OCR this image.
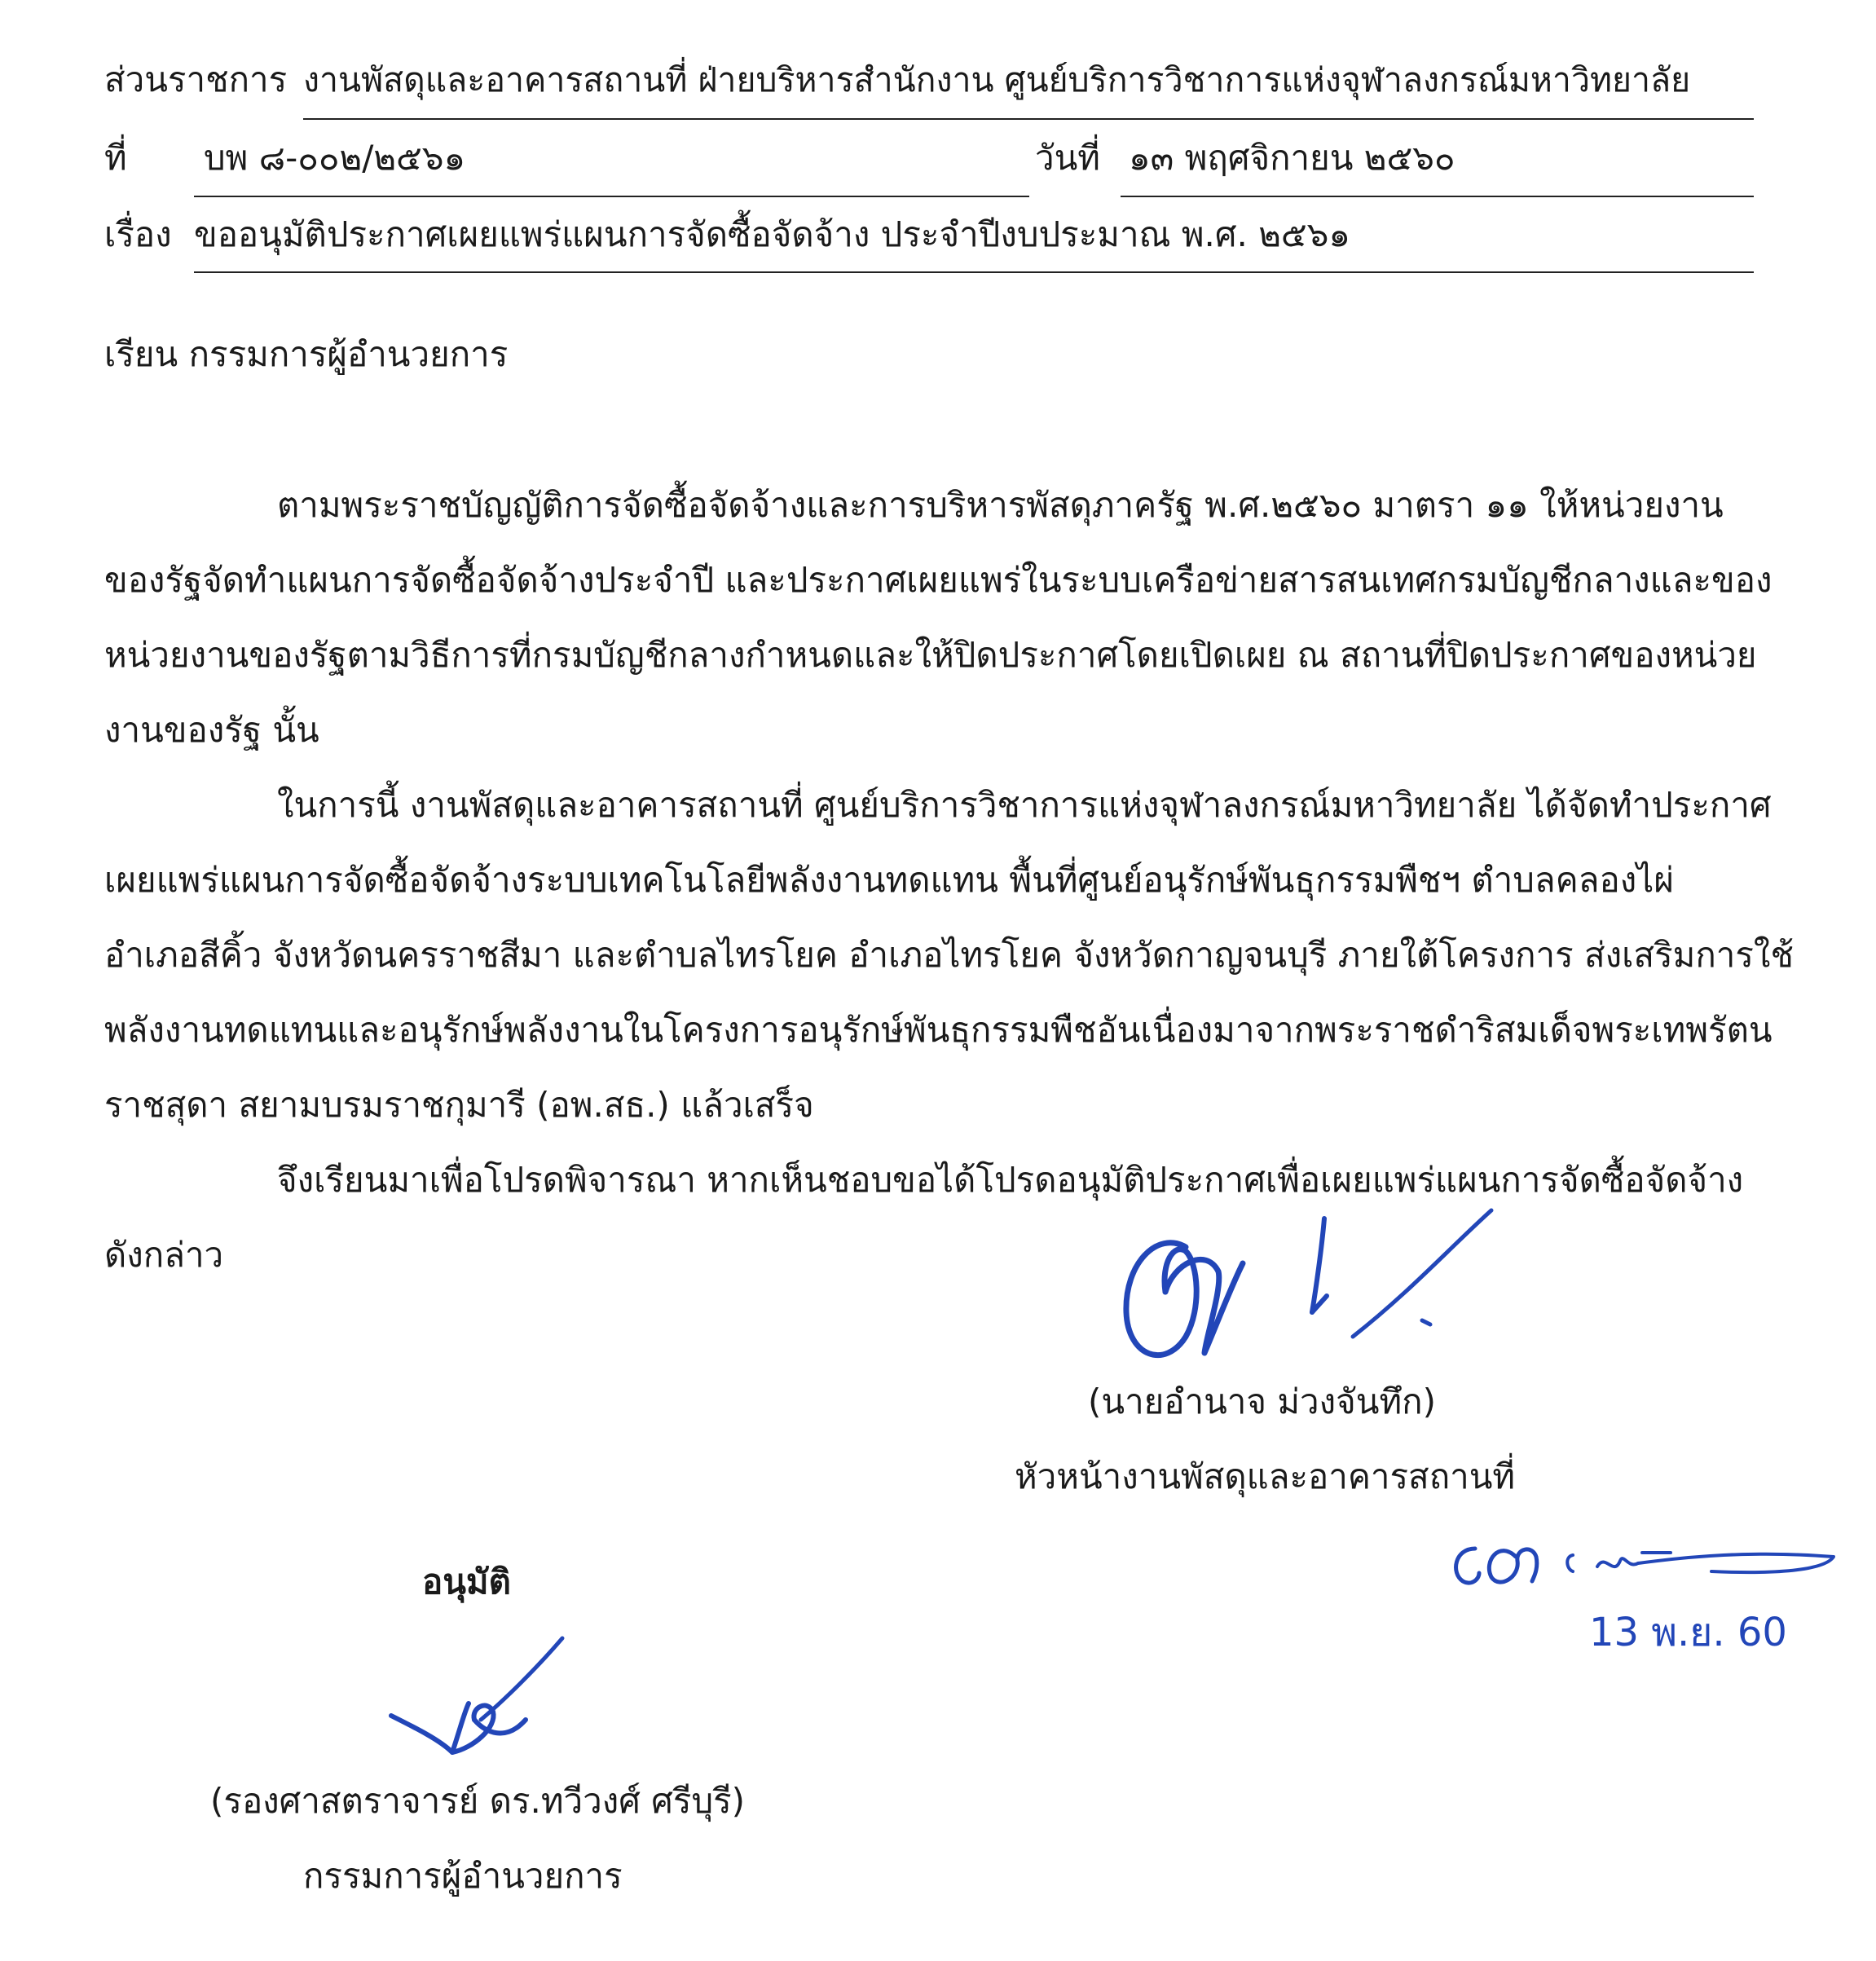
ส่วนราชการ งานพัสดุและอาคารสถานที่ ฝ่ายบริหารสำนักงาน ศูนย์บริการวิชาการแห่งจุฬาลงกรณ์มหาวิทยาลัย
ที่ บพ ๘-๐๐๒/๒๕๖๑	วันที่ ๑๓ พฤศจิกายน ๒๕๖๐
เรื่อง ขออนุมัติประกาศเผยแพร่แผนการจัดซื้อจัดจ้าง ประจำปีงบประมาณ พ.ศ. ๒๕๖๑
เรียน กรรมการผู้อำนวยการ
ตามพระราชบัญญัติการจัดซื้อจัดจ้างและการบริหารพัสดุภาครัฐ พ.ศ.๒๕๖๐ มาตรา ๑๑ ให้หน่วยงาน
ของรัฐจัดทำแผนการจัดซื้อจัดจ้างประจำปี และประกาศเผยแพร่ในระบบเครือข่ายสารสนเทศกรมบัญชีกลางและของ
หน่วยงานของรัฐตามวิธีการที่กรมบัญชีกลางกำหนดและให้ปิดประกาศโดยเปิดเผย ณ สถานที่ปิดประกาศของหน่วย
งานของรัฐ นั้น
ในการนี้ งานพัสดุและอาคารสถานที่ ศูนย์บริการวิชาการแห่งจุฬาลงกรณ์มหาวิทยาลัย ได้จัดทำประกาศ
เผยแพร่แผนการจัดซื้อจัดจ้างระบบเทคโนโลยีพลังงานทดแทน พื้นที่ศูนย์อนุรักษ์พันธุกรรมพืชฯ ตำบลคลองไผ่
อำเภอสีคิ้ว จังหวัดนครราชสีมา และตำบลไทรโยค อำเภอไทรโยค จังหวัดกาญจนบุรี ภายใต้โครงการ ส่งเสริมการใช้
พลังงานทดแทนและอนุรักษ์พลังงานในโครงการอนุรักษ์พันธุกรรมพืชอันเนื่องมาจากพระราชดำริสมเด็จพระเทพรัตน
ราชสุดา สยามบรมราชกุมารี (อพ.สธ.) แล้วเสร็จ
จึงเรียนมาเพื่อโปรดพิจารณา หากเห็นชอบขอได้โปรดอนุมัติประกาศเพื่อเผยแพร่แผนการจัดซื้อจัดจ้าง
ดังกล่าว
(นายอำนาจ ม่วงจันทึก)
หัวหน้างานพัสดุและอาคารสถานที่
อนุมัติ
(รองศาสตราจารย์ ดร.ทวีวงศ์ ศรีบุรี)
กรรมการผู้อำนวยการ
13 พ.ย. 60
